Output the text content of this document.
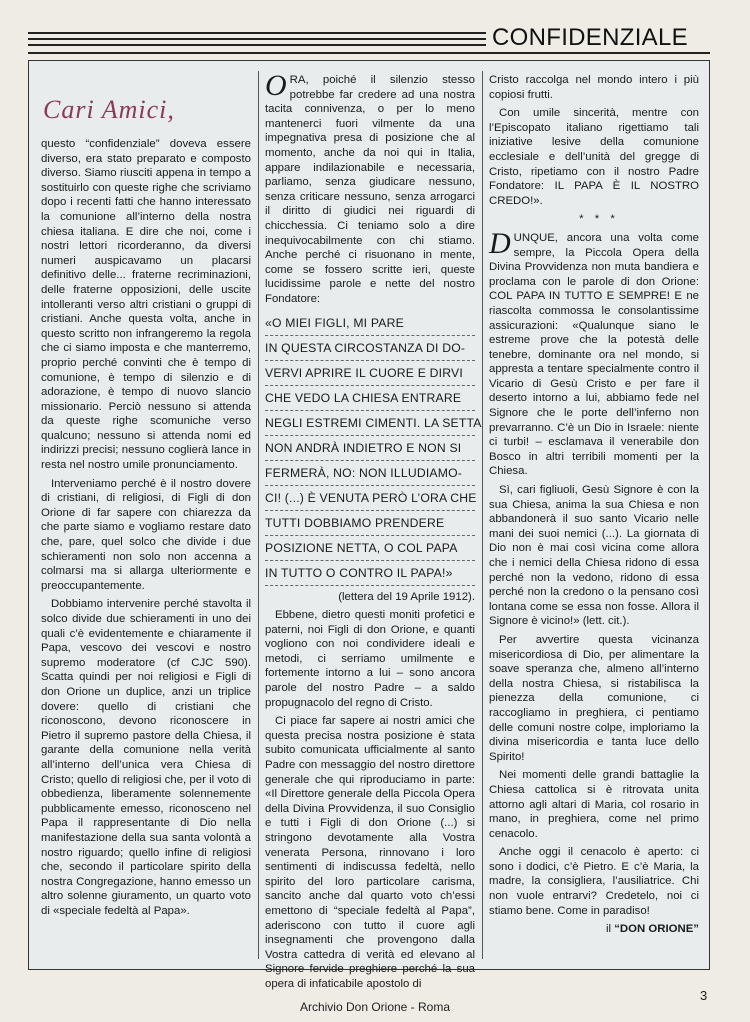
CONFIDENZIALE
Cari Amici,

questo “confidenziale” doveva essere diverso, era stato preparato e composto diverso. Siamo riusciti appena in tempo a sostituirlo con queste righe che scriviamo dopo i recenti fatti che hanno interessato la comunione all’interno della nostra chiesa italiana. E dire che noi, come i nostri lettori ricorderanno, da diversi numeri auspicavamo un placarsi definitivo delle... fraterne recriminazioni, delle fraterne opposizioni, delle uscite intolleranti verso altri cristiani o gruppi di cristiani. Anche questa volta, anche in questo scritto non infrangeremo la regola che ci siamo imposta e che manterremo, proprio perché convinti che è tempo di comunione, è tempo di silenzio e di adorazione, è tempo di nuovo slancio missionario. Perciò nessuno si attenda da queste righe scomuniche verso qualcuno; nessuno si attenda nomi ed indirizzi precisi; nessuno coglierà lance in resta nel nostro umile pronunciamento.

Interveniamo perché è il nostro dovere di cristiani, di religiosi, di Figli di don Orione di far sapere con chiarezza da che parte siamo e vogliamo restare dato che, pare, quel solco che divide i due schieramenti non solo non accenna a colmarsi ma si allarga ulteriormente e preoccupantemente.

Dobbiamo intervenire perché stavolta il solco divide due schieramenti in uno dei quali c’è evidentemente e chiaramente il Papa, vescovo dei vescovi e nostro supremo moderatore (cf CJC 590). Scatta quindi per noi religiosi e Figli di don Orione un duplice, anzi un triplice dovere: quello di cristiani che riconoscono, devono riconoscere in Pietro il supremo pastore della Chiesa, il garante della comunione nella verità all’interno dell’unica vera Chiesa di Cristo; quello di religiosi che, per il voto di obbedienza, liberamente solennemente pubblicamente emesso, riconosceno nel Papa il rappresentante di Dio nella manifestazione della sua santa volontà a nostro riguardo; quello infine di religiosi che, secondo il particolare spirito della nostra Congregazione, hanno emesso un altro solenne giuramento, un quarto voto di «speciale fedeltà al Papa».

ORA, poiché il silenzio stesso potrebbe far credere ad una nostra tacita connivenza, o per lo meno mantenerci fuori vilmente da una impegnativa presa di posizione che al momento, anche da noi qui in Italia, appare indilazionabile e necessaria, parliamo, senza giudicare nessuno, senza criticare nessuno, senza arrogarci il diritto di giudici nei riguardi di chicchessia. Ci teniamo solo a dire inequivocabilmente con chi stiamo. Anche perché ci risuonano in mente, come se fossero scritte ieri, queste lucidissime parole e nette del nostro Fondatore:

«O MIEI FIGLI, MI PARE
IN QUESTA CIRCOSTANZA DI DO-
VERVI APRIRE IL CUORE E DIRVI
CHE VEDO LA CHIESA ENTRARE
NEGLI ESTREMI CIMENTI. LA SETTA
NON ANDRÀ INDIETRO E NON SI
FERMERÀ, NO: NON ILLUDIAMO-
CI! (...) È VENUTA PERÒ L’ORA CHE
TUTTI DOBBIAMO PRENDERE
POSIZIONE NETTA, O COL PAPA
IN TUTTO O CONTRO IL PAPA!»

(lettera del 19 Aprile 1912).

Ebbene, dietro questi moniti profetici e paterni, noi Figli di don Orione, e quanti vogliono con noi condividere ideali e metodi, ci serriamo umilmente e fortemente intorno a lui – sono ancora parole del nostro Padre – a saldo propugnacolo del regno di Cristo.

Ci piace far sapere ai nostri amici che questa precisa nostra posizione è stata subito comunicata ufficialmente al santo Padre con messaggio del nostro direttore generale che qui riproduciamo in parte: «Il Direttore generale della Piccola Opera della Divina Provvidenza, il suo Consiglio e tutti i Figli di don Orione (...) si stringono devotamente alla Vostra veneratа Persona, rinnovano i loro sentimenti di indiscussa fedeltà, nello spirito del loro particolare carisma, sancito anche dal quarto voto ch’essi emettono di “speciale fedeltà al Papa”, aderiscono con tutto il cuore agli insegnamenti che provengono dalla Vostra cattedra di verità ed elevano al Signore fervide preghiere perché la sua opera di infaticabile apostolo di

Cristo raccolga nel mondo intero i più copiosi frutti.

Con umile sincerità, mentre con l’Episcopato italiano rigettiamo tali iniziative lesive della comunione ecclesiale e dell’unità del gregge di Cristo, ripetiamo con il nostro Padre Fondatore: IL PAPA È IL NOSTRO CREDO!».

* * *

DUNQUE, ancora una volta come sempre, la Piccola Opera della Divina Provvidenza non muta bandiera e proclama con le parole di don Orione: COL PAPA IN TUTTO E SEMPRE! E ne riascolta commossa le consolantissime assicurazioni: «Qualunque siano le estreme prove che la potestà delle tenebre, dominante ora nel mondo, si appresta a tentare specialmente contro il Vicario di Gesù Cristo e per fare il deserto intorno a lui, abbiamo fede nel Signore che le porte dell’inferno non prevarranno. C’è un Dio in Israele: niente ci turbi! – esclamava il venerabile don Bosco in altri terribili momenti per la Chiesa.

Sì, cari figliuoli, Gesù Signore è con la sua Chiesa, anima la sua Chiesa e non abbandonerà il suo santo Vicario nelle mani dei suoi nemici (...). La giornata di Dio non è mai così vicina come allora che i nemici della Chiesa ridono di essa perché non la vedono, ridono di essa perché non la credono o la pensano così lontana come se essa non fosse. Allora il Signore è vicino!» (lett. cit.).

Per avvertire questa vicinanza misericordiosa di Dio, per alimentare la soave speranza che, almeno all’interno della nostra Chiesa, si ristabilisca la pienezza della comunione, ci raccogliamo in preghiera, ci pentiamo delle comuni nostre colpe, imploriamo la divina misericordia e tanta luce dello Spirito!

Nei momenti delle grandi battaglie la Chiesa cattolica si è ritrovata unita attorno agli altari di Maria, col rosario in mano, in preghiera, come nel primo cenacolo.

Anche oggi il cenacolo è aperto: ci sono i dodici, c’è Pietro. E c’è Maria, la madre, la consigliera, l’ausiliatrice. Chi non vuole entrarvi? Credetelo, noi ci stiamo bene. Come in paradiso!

il “DON ORIONE”

3
Archivio Don Orione - Roma
